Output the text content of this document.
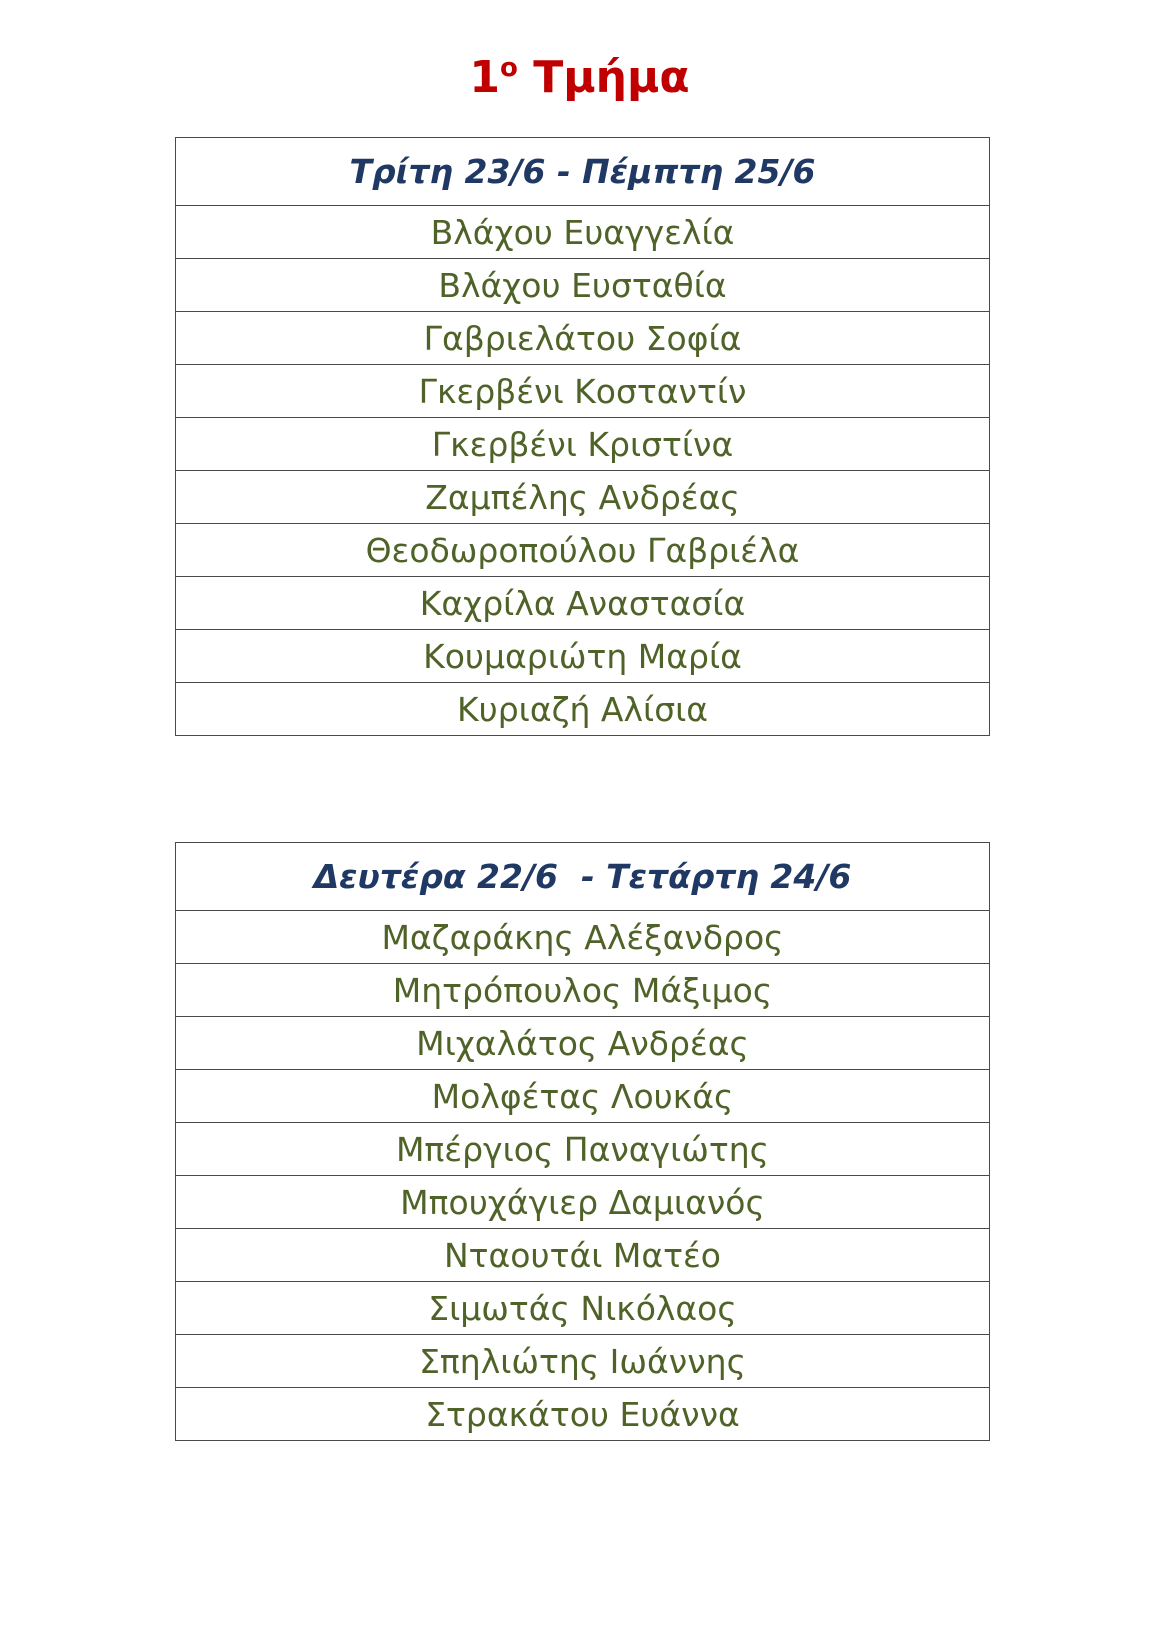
$1^o$ Τμήμα
Τρίτη 23/6 - Πέμπτη 25/6
Βλάχου Ευαγγελία
Βλάχου Ευσταθία
Γαβριελάτου Σοφία
Γκερβένι Κοσταντίν
Γκερβένι Κριστίνα
Ζαμπέλης Ανδρέας
Θεοδωροπούλου Γαβριέλα
Καχρίλα Αναστασία
Κουμαριώτη Μαρία
Κυριαζή Αλίσια
Δευτέρα 22/6  - Τετάρτη 24/6
Μαζαράκης Αλέξανδρος
Μητρόπουλος Μάξιμος
Μιχαλάτος Ανδρέας
Μολφέτας Λουκάς
Μπέργιος Παναγιώτης
Μπουχάγιερ Δαμιανός
Νταουτάι Ματέο
Σιμωτάς Νικόλαος
Σπηλιώτης Ιωάννης
Στρακάτου Ευάννα
